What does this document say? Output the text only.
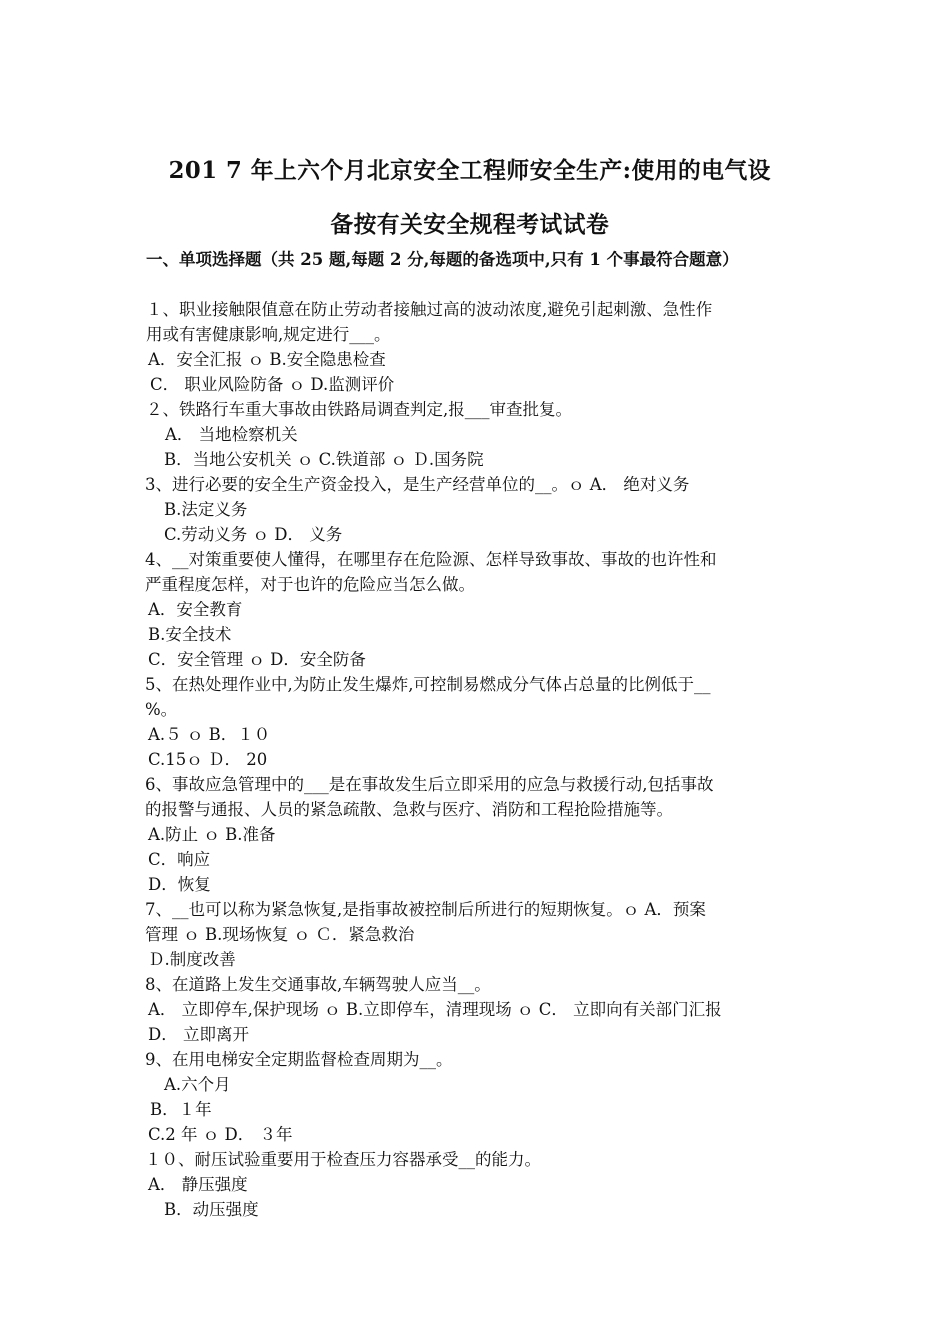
201 7 年上六个月北京安全工程师安全生产:使用的电气设
备按有关安全规程考试试卷
一、单项选择题（共 25 题,每题 2 分,每题的备选项中,只有 1 个事最符合题意）
１、职业接触限值意在防止劳动者接触过高的波动浓度,避免引起刺激、急性作
用或有害健康影响,规定进行___。
A．安全汇报 ｏ B.安全隐患检查
C． 职业风险防备 ｏ D.监测评价
２、铁路行车重大事故由铁路局调查判定,报___审查批复。
A． 当地检察机关
B．当地公安机关 ｏ C.铁道部 ｏ Ｄ.国务院
3、进行必要的安全生产资金投入，是生产经营单位的__。ｏ A． 绝对义务
B.法定义务
C.劳动义务 ｏ D． 义务
4、__对策重要使人懂得，在哪里存在危险源、怎样导致事故、事故的也许性和
严重程度怎样，对于也许的危险应当怎么做。
A．安全教育
B.安全技术
C．安全管理 ｏ D．安全防备
5、在热处理作业中,为防止发生爆炸,可控制易燃成分气体占总量的比例低于__
%。
A.５ ｏ B．１０
C.15ｏ Ｄ． 20
6、事故应急管理中的___是在事故发生后立即采用的应急与救援行动,包括事故
的报警与通报、人员的紧急疏散、急救与医疗、消防和工程抢险措施等。
A.防止 ｏ B.准备
C．响应
D．恢复
7、__也可以称为紧急恢复,是指事故被控制后所进行的短期恢复。ｏ A．预案
管理 ｏ B.现场恢复 ｏ Ｃ．紧急救治
Ｄ.制度改善
8、在道路上发生交通事故,车辆驾驶人应当__。
A． 立即停车,保护现场 ｏ B.立即停车，清理现场 ｏ C． 立即向有关部门汇报
D． 立即离开
9、在用电梯安全定期监督检查周期为__。
A.六个月
B．１年
C.2 年 ｏ D． ３年
１０、耐压试验重要用于检查压力容器承受__的能力。
A． 静压强度
B．动压强度
